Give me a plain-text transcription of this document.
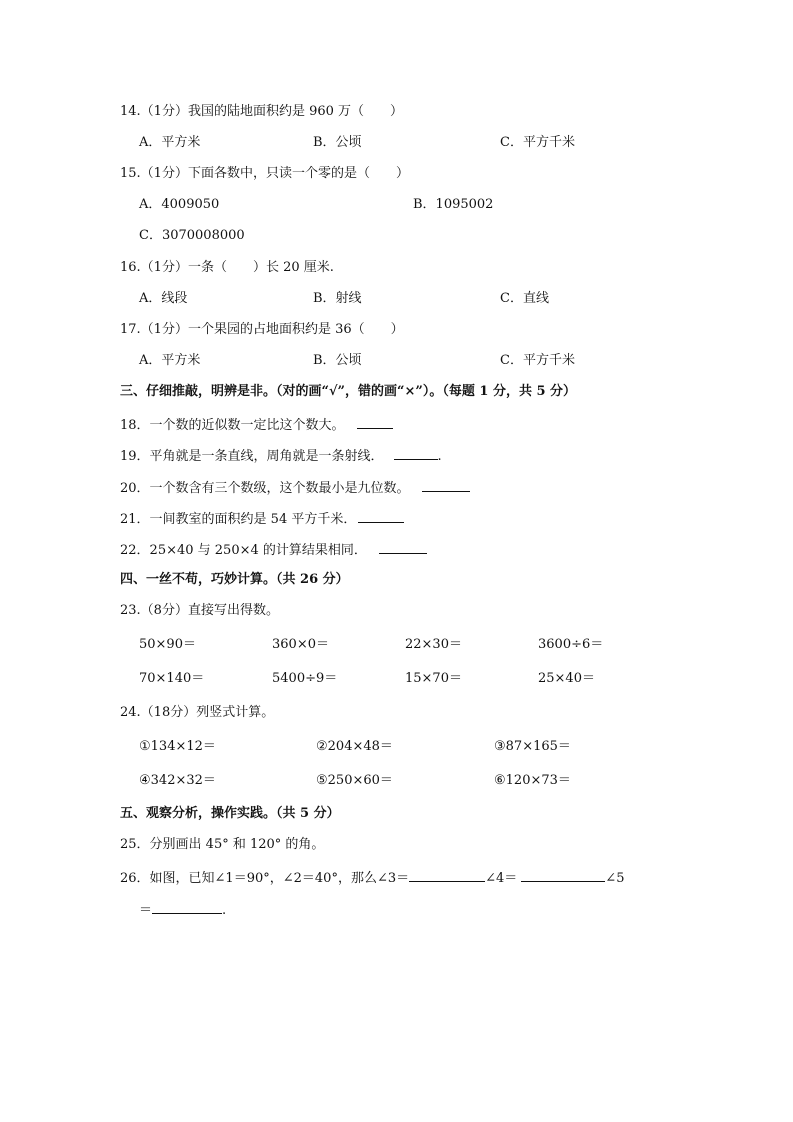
14.（1分）我国的陆地面积约是 960 万（　　）
A．平方米	B．公顷	C．平方千米
15.（1分）下面各数中，只读一个零的是（　　）
A．4009050	B．1095002
C．3070008000
16.（1分）一条（　　）长 20 厘米.
A．线段	B．射线	C．直线
17.（1分）一个果园的占地面积约是 36（　　）
A．平方米	B．公顷	C．平方千米
三、仔细推敲，明辨是非。（对的画“√”，错的画“×”）。（每题 1 分，共 5 分）
18．一个数的近似数一定比这个数大。
19．平角就是一条直线，周角就是一条射线．	.
20．一个数含有三个数级，这个数最小是九位数。
21．一间教室的面积约是 54 平方千米．
22．25×40 与 250×4 的计算结果相同．
四、一丝不苟，巧妙计算。（共 26 分）
23.（8分）直接写出得数。
50×90＝	360×0＝	22×30＝	3600÷6＝
70×140＝	5400÷9＝	15×70＝	25×40＝
24.（18分）列竖式计算。
①134×12＝	②204×48＝	③87×165＝
④342×32＝	⑤250×60＝	⑥120×73＝
五、观察分析，操作实践。（共 5 分）
25．分别画出 45° 和 120° 的角。
26．如图，已知∠1＝90°，∠2＝40°，那么∠3＝	∠4＝	∠5
＝	.
